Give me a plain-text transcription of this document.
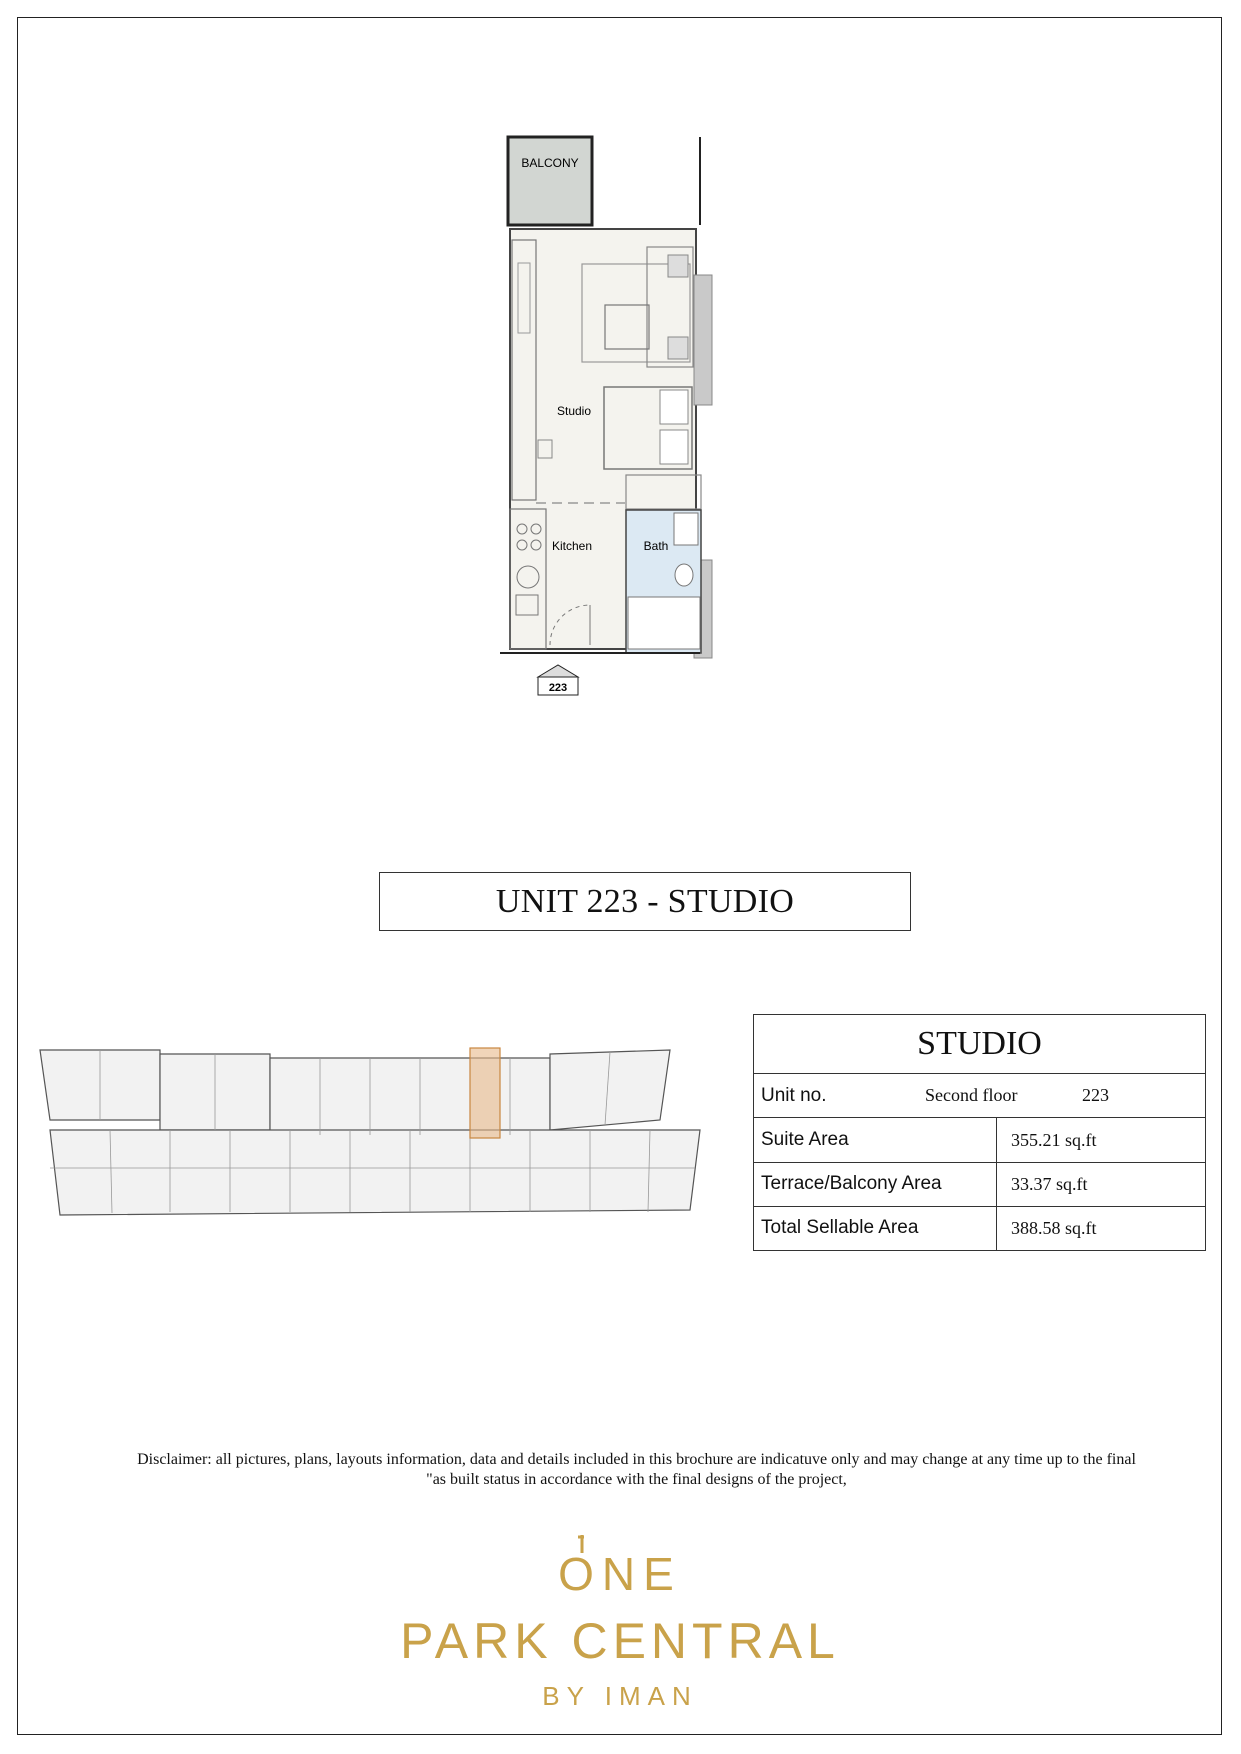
BALCONY
Studio
Kitchen	Bath
223
UNIT 223 - STUDIO
STUDIO	

Unit no. Second floor 223	

Suite Area	355.21 sq.ft
Terrace/Balcony Area	33.37 sq.ft
Total Sellable Area	388.58 sq.ft
Disclaimer: all pictures, plans, layouts information, data and details included in this brochure are indicatuve only and may change at any time up to the final
"as built status in accordance with the final designs of the project,
ONE
PARK CENTRAL
BY IMAN
